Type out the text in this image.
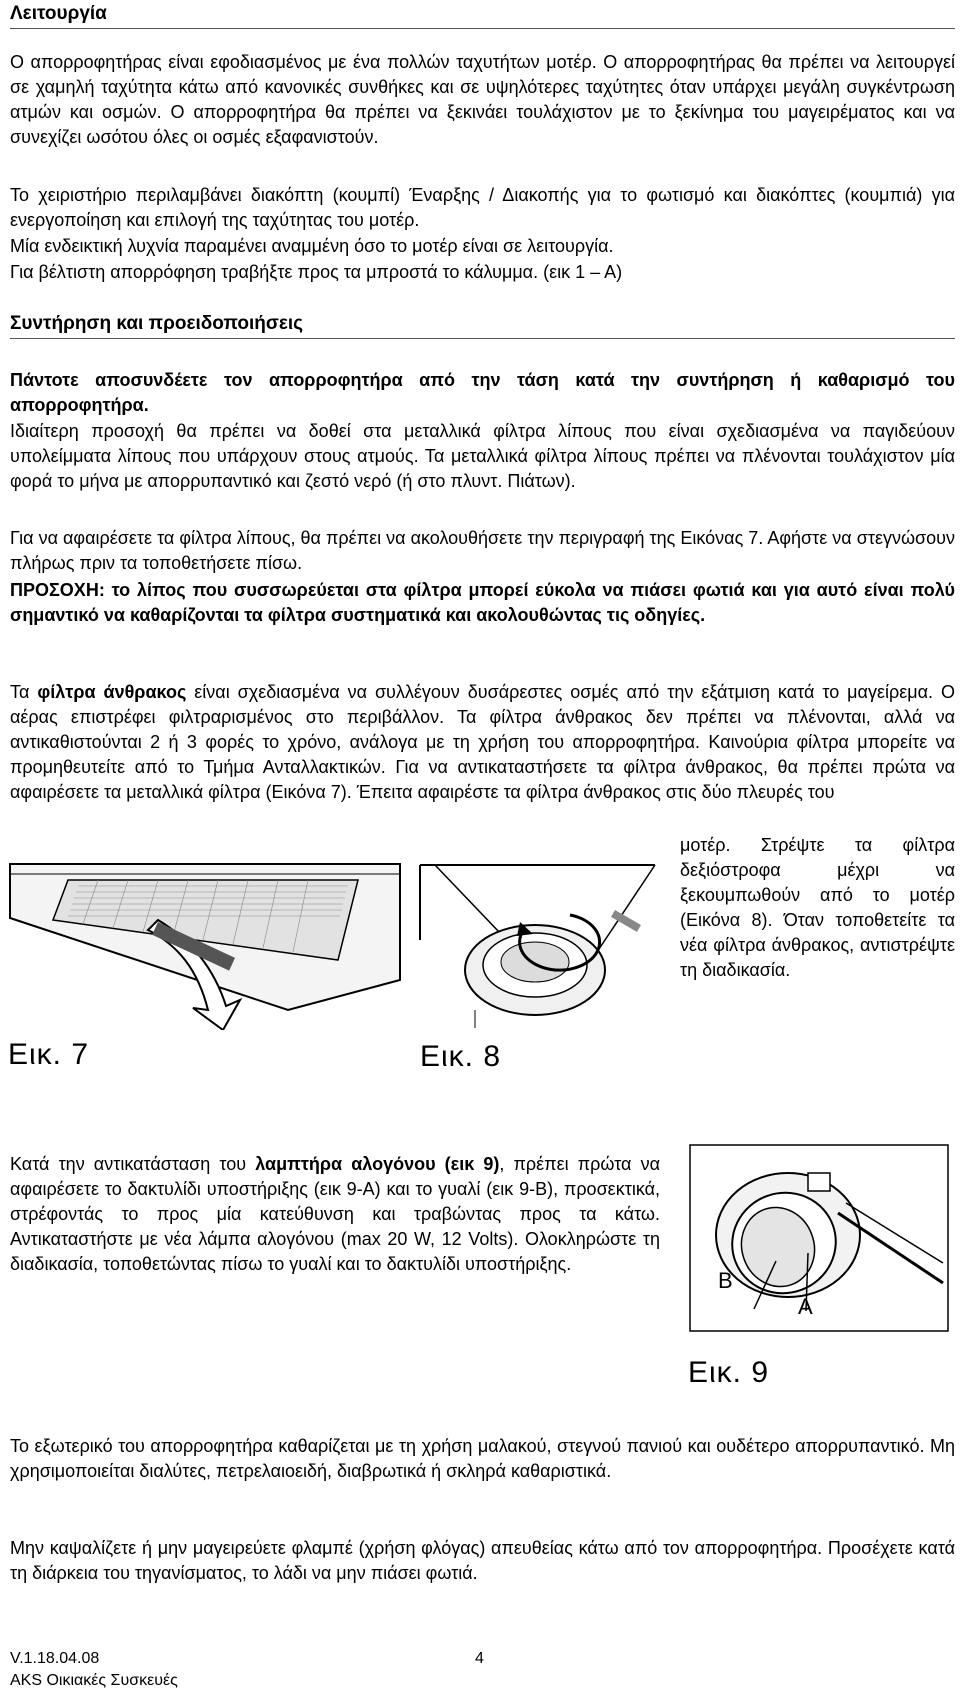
Λειτουργία

Ο απορροφητήρας είναι εφοδιασμένος με ένα πολλών ταχυτήτων μοτέρ. Ο απορροφητήρας θα πρέπει να λειτουργεί σε χαμηλή ταχύτητα κάτω από κανονικές συνθήκες και σε υψηλότερες ταχύτητες όταν υπάρχει μεγάλη συγκέντρωση ατμών και οσμών. Ο απορροφητήρα θα πρέπει να ξεκινάει τουλάχιστον με το ξεκίνημα του μαγειρέματος και να συνεχίζει ωσότου όλες οι οσμές εξαφανιστούν.

Το χειριστήριο περιλαμβάνει διακόπτη (κουμπί) Έναρξης / Διακοπής για το φωτισμό και διακόπτες (κουμπιά) για ενεργοποίηση και επιλογή της ταχύτητας του μοτέρ.

Μία ενδεικτική λυχνία παραμένει αναμμένη όσο το μοτέρ είναι σε λειτουργία.

Για βέλτιστη απορρόφηση τραβήξτε προς τα μπροστά το κάλυμμα. (εικ 1 – Α)

Συντήρηση και προειδοποιήσεις

Πάντοτε αποσυνδέετε τον απορροφητήρα από την τάση κατά την συντήρηση ή καθαρισμό του απορροφητήρα.

Ιδιαίτερη προσοχή θα πρέπει να δοθεί στα μεταλλικά φίλτρα λίπους που είναι σχεδιασμένα να παγιδεύουν υπολείμματα λίπους που υπάρχουν στους ατμούς. Τα μεταλλικά φίλτρα λίπους πρέπει να πλένονται τουλάχιστον μία φορά το μήνα με απορρυπαντικό και ζεστό νερό (ή στο πλυντ. Πιάτων).

Για να αφαιρέσετε τα φίλτρα λίπους, θα πρέπει να ακολουθήσετε την περιγραφή της Εικόνας 7. Αφήστε να στεγνώσουν πλήρως πριν τα τοποθετήσετε πίσω.

ΠΡΟΣΟΧΗ: το λίπος που συσσωρεύεται στα φίλτρα μπορεί εύκολα να πιάσει φωτιά και για αυτό είναι πολύ σημαντικό να καθαρίζονται τα φίλτρα συστηματικά και ακολουθώντας τις οδηγίες.

Τα φίλτρα άνθρακος είναι σχεδιασμένα να συλλέγουν δυσάρεστες οσμές από την εξάτμιση κατά το μαγείρεμα. Ο αέρας επιστρέφει φιλτραρισμένος στο περιβάλλον. Τα φίλτρα άνθρακος δεν πρέπει να πλένονται, αλλά να αντικαθιστούνται 2 ή 3 φορές το χρόνο, ανάλογα με τη χρήση του απορροφητήρα. Καινούρια φίλτρα μπορείτε να προμηθευτείτε από το Τμήμα Ανταλλακτικών. Για να αντικαταστήσετε τα φίλτρα άνθρακος, θα πρέπει πρώτα να αφαιρέσετε τα μεταλλικά φίλτρα (Εικόνα 7). Έπειτα αφαιρέστε τα φίλτρα άνθρακος στις δύο πλευρές του

μοτέρ. Στρέψτε τα φίλτρα δεξιόστροφα μέχρι να ξεκουμπωθούν από το μοτέρ (Εικόνα 8). Όταν τοποθετείτε τα νέα φίλτρα άνθρακος, αντιστρέψτε τη διαδικασία.

Εικ. 7	Εικ. 8

Κατά την αντικατάσταση του λαμπτήρα αλογόνου (εικ 9), πρέπει πρώτα να αφαιρέσετε το δακτυλίδι υποστήριξης (εικ 9-Α) και το γυαλί (εικ 9-Β), προσεκτικά, στρέφοντάς το προς μία κατεύθυνση και τραβώντας προς τα κάτω. Αντικαταστήστε με νέα λάμπα αλογόνου (max 20 W, 12 Volts). Ολοκληρώστε τη διαδικασία, τοποθετώντας πίσω το γυαλί και το δακτυλίδι υποστήριξης.

B
A
Εικ. 9

Το εξωτερικό του απορροφητήρα καθαρίζεται με τη χρήση μαλακού, στεγνού πανιού και ουδέτερο απορρυπαντικό. Μη χρησιμοποιείται διαλύτες, πετρελαιοειδή, διαβρωτικά ή σκληρά καθαριστικά.

Μην καψαλίζετε ή μην μαγειρεύετε φλαμπέ (χρήση φλόγας) απευθείας κάτω από τον απορροφητήρα. Προσέχετε κατά τη διάρκεια του τηγανίσματος, το λάδι να μην πιάσει φωτιά.

V.1.18.04.08
AKS Οικιακές Συσκευές
4
